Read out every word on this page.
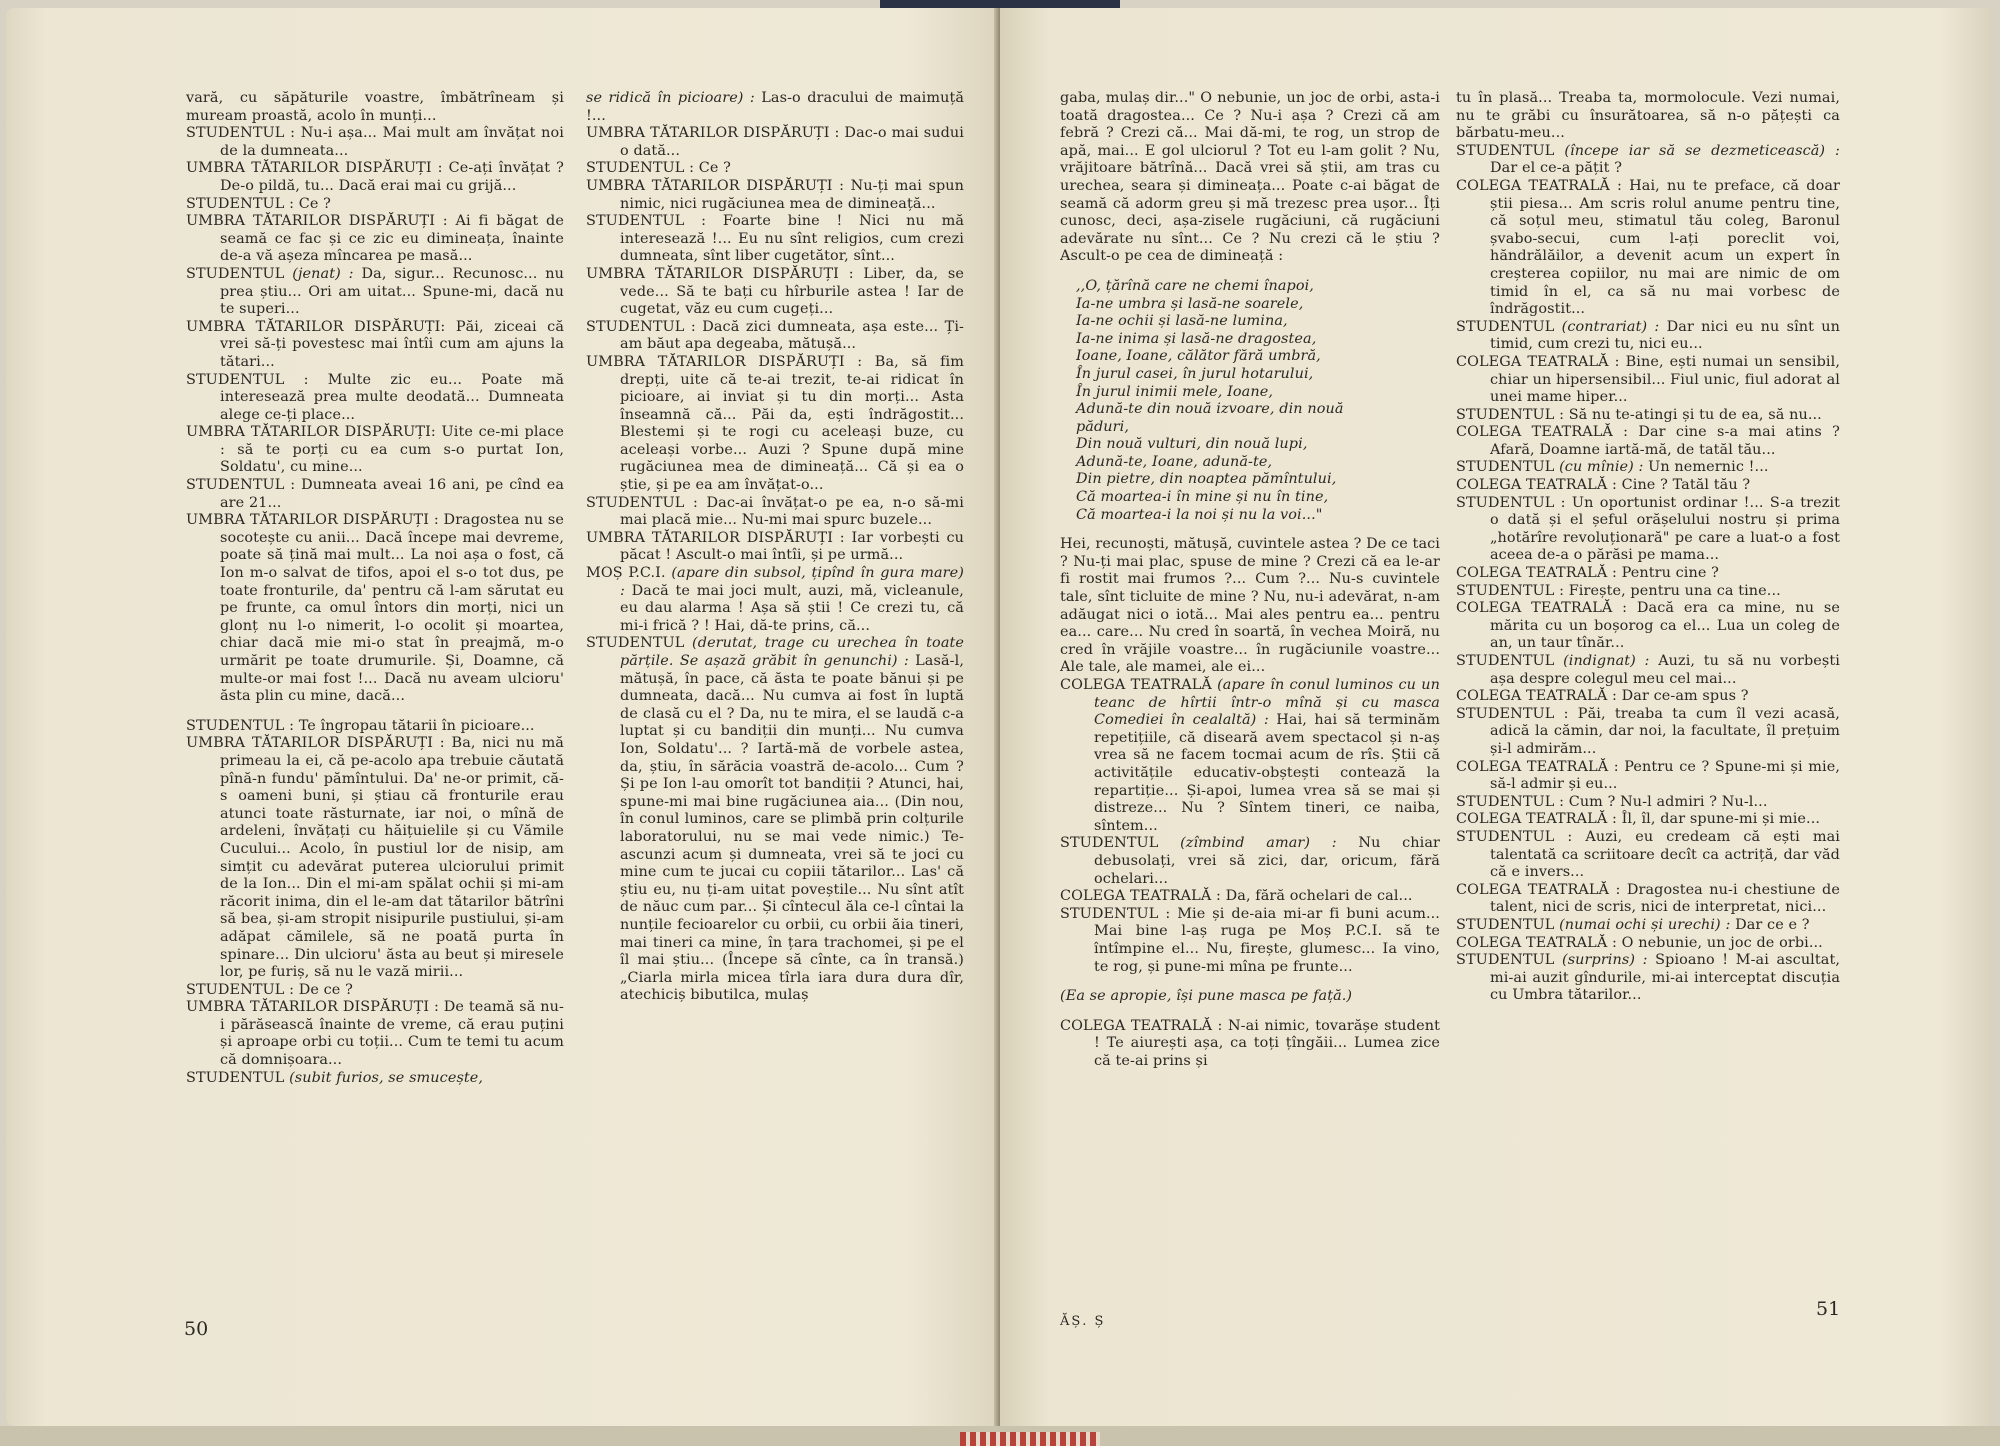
vară, cu săpăturile voastre, îmbătrîneam și muream proastă, acolo în munți...

STUDENTUL : Nu-i așa... Mai mult am învățat noi de la dumneata...

UMBRA TĂTARILOR DISPĂRUȚI : Ce-ați învățat ? De-o pildă, tu... Dacă erai mai cu grijă...

STUDENTUL : Ce ?

UMBRA TĂTARILOR DISPĂRUȚI : Ai fi băgat de seamă ce fac și ce zic eu dimineața, înainte de-a vă așeza mîncarea pe masă...

STUDENTUL (jenat) : Da, sigur... Recunosc... nu prea știu... Ori am uitat... Spune-mi, dacă nu te superi...

UMBRA TĂTARILOR DISPĂRUȚI: Păi, ziceai că vrei să-ți povestesc mai întîi cum am ajuns la tătari...

STUDENTUL : Multe zic eu... Poate mă interesează prea multe deodată... Dumneata alege ce-ți place...

UMBRA TĂTARILOR DISPĂRUȚI: Uite ce-mi place : să te porți cu ea cum s-o purtat Ion, Soldatu', cu mine...

STUDENTUL : Dumneata aveai 16 ani, pe cînd ea are 21...

UMBRA TĂTARILOR DISPĂRUȚI : Dragostea nu se socotește cu anii... Dacă începe mai devreme, poate să țină mai mult... La noi așa o fost, că Ion m-o salvat de tifos, apoi el s-o tot dus, pe toate fronturile, da' pentru că l-am sărutat eu pe frunte, ca omul întors din morți, nici un glonț nu l-o nimerit, l-o ocolit și moartea, chiar dacă mie mi-o stat în preajmă, m-o urmărit pe toate drumurile. Și, Doamne, că multe-or mai fost !... Dacă nu aveam ulcioru' ăsta plin cu mine, dacă...

STUDENTUL : Te îngropau tătarii în picioare...

UMBRA TĂTARILOR DISPĂRUȚI : Ba, nici nu mă primeau la ei, că pe-acolo apa trebuie căutată pînă-n fundu' pămîntului. Da' ne-or primit, că-s oameni buni, și știau că fronturile erau atunci toate răsturnate, iar noi, o mînă de ardeleni, învățați cu hăițuielile și cu Vămile Cucului... Acolo, în pustiul lor de nisip, am simțit cu adevărat puterea ulciorului primit de la Ion... Din el mi-am spălat ochii și mi-am răcorit inima, din el le-am dat tătarilor bătrîni să bea, și-am stropit nisipurile pustiului, și-am adăpat cămilele, să ne poată purta în spinare... Din ulcioru' ăsta au beut și miresele lor, pe furiș, să nu le vază mirii...

STUDENTUL : De ce ?

UMBRA TĂTARILOR DISPĂRUȚI : De teamă să nu-i părăsească înainte de vreme, că erau puțini și aproape orbi cu toții... Cum te temi tu acum că domnișoara...

STUDENTUL (subit furios, se smucește,

se ridică în picioare) : Las-o dracului de maimuță !...

UMBRA TĂTARILOR DISPĂRUȚI : Dac-o mai sudui o dată...

STUDENTUL : Ce ?

UMBRA TĂTARILOR DISPĂRUȚI : Nu-ți mai spun nimic, nici rugăciunea mea de dimineață...

STUDENTUL : Foarte bine ! Nici nu mă interesează !... Eu nu sînt religios, cum crezi dumneata, sînt liber cugetător, sînt...

UMBRA TĂTARILOR DISPĂRUȚI : Liber, da, se vede... Să te bați cu hîrburile astea ! Iar de cugetat, văz eu cum cugeți...

STUDENTUL : Dacă zici dumneata, așa este... Ți-am băut apa degeaba, mătușă...

UMBRA TĂTARILOR DISPĂRUȚI : Ba, să fim drepți, uite că te-ai trezit, te-ai ridicat în picioare, ai inviat și tu din morți... Asta înseamnă că... Păi da, ești îndrăgostit... Blestemi și te rogi cu aceleași buze, cu aceleași vorbe... Auzi ? Spune după mine rugăciunea mea de dimineață... Că și ea o știe, și pe ea am învățat-o...

STUDENTUL : Dac-ai învățat-o pe ea, n-o să-mi mai placă mie... Nu-mi mai spurc buzele...

UMBRA TĂTARILOR DISPĂRUȚI : Iar vorbești cu păcat ! Ascult-o mai întîi, și pe urmă...

MOȘ P.C.I. (apare din subsol, țipînd în gura mare) : Dacă te mai joci mult, auzi, mă, vicleanule, eu dau alarma ! Așa să știi ! Ce crezi tu, că mi-i frică ? ! Hai, dă-te prins, că...

STUDENTUL (derutat, trage cu urechea în toate părțile. Se așază grăbit în genunchi) : Lasă-l, mătușă, în pace, că ăsta te poate bănui și pe dumneata, dacă... Nu cumva ai fost în luptă de clasă cu el ? Da, nu te mira, el se laudă c-a luptat și cu bandiții din munți... Nu cumva Ion, Soldatu'... ? Iartă-mă de vorbele astea, da, știu, în sărăcia voastră de-acolo... Cum ? Și pe Ion l-au omorît tot bandiții ? Atunci, hai, spune-mi mai bine rugăciunea aia... (Din nou, în conul luminos, care se plimbă prin colțurile laboratorului, nu se mai vede nimic.) Te-ascunzi acum și dumneata, vrei să te joci cu mine cum te jucai cu copiii tătarilor... Las' că știu eu, nu ți-am uitat poveștile... Nu sînt atît de năuc cum par... Și cîntecul ăla ce-l cîntai la nunțile fecioarelor cu orbii, cu orbii ăia tineri, mai tineri ca mine, în țara trachomei, și pe el îl mai știu... (Începe să cînte, ca în transă.) „Ciarla mirla micea tîrla iara dura dura dîr, atechiciș bibutilca, mulaș

50

gaba, mulaș dir..." O nebunie, un joc de orbi, asta-i toată dragostea... Ce ? Nu-i așa ? Crezi că am febră ? Crezi că... Mai dă-mi, te rog, un strop de apă, mai... E gol ulciorul ? Tot eu l-am golit ? Nu, vrăjitoare bătrînă... Dacă vrei să știi, am tras cu urechea, seara și dimineața... Poate c-ai băgat de seamă că adorm greu și mă trezesc prea ușor... Îți cunosc, deci, așa-zisele rugăciuni, că rugăciuni adevărate nu sînt... Ce ? Nu crezi că le știu ? Ascult-o pe cea de dimineață :

,,O, țărînă care ne chemi înapoi,
Ia-ne umbra și lasă-ne soarele,
Ia-ne ochii și lasă-ne lumina,
Ia-ne inima și lasă-ne dragostea,
Ioane, Ioane, călător fără umbră,
În jurul casei, în jurul hotarului,
În jurul inimii mele, Ioane,
Adună-te din nouă izvoare, din nouă
păduri,
Din nouă vulturi, din nouă lupi,
Adună-te, Ioane, adună-te,
Din pietre, din noaptea pămîntului,
Că moartea-i în mine și nu în tine,
Că moartea-i la noi și nu la voi..."

Hei, recunoști, mătușă, cuvintele astea ? De ce taci ? Nu-ți mai plac, spuse de mine ? Crezi că ea le-ar fi rostit mai frumos ?... Cum ?... Nu-s cuvintele tale, sînt ticluite de mine ? Nu, nu-i adevărat, n-am adăugat nici o iotă... Mai ales pentru ea... pentru ea... care... Nu cred în soartă, în vechea Moiră, nu cred în vrăjile voastre... în rugăciunile voastre... Ale tale, ale mamei, ale ei...

COLEGA TEATRALĂ (apare în conul luminos cu un teanc de hîrtii într-o mînă și cu masca Comediei în cealaltă) : Hai, hai să terminăm repetițiile, că diseară avem spectacol și n-aș vrea să ne facem tocmai acum de rîs. Știi că activitățile educativ-obștești contează la repartiție... Și-apoi, lumea vrea să se mai și distreze... Nu ? Sîntem tineri, ce naiba, sîntem...

STUDENTUL (zîmbind amar) : Nu chiar debusolați, vrei să zici, dar, oricum, fără ochelari...

COLEGA TEATRALĂ : Da, fără ochelari de cal...

STUDENTUL : Mie și de-aia mi-ar fi buni acum... Mai bine l-aș ruga pe Moș P.C.I. să te întîmpine el... Nu, firește, glumesc... Ia vino, te rog, și pune-mi mîna pe frunte...

(Ea se apropie, își pune masca pe față.)

COLEGA TEATRALĂ : N-ai nimic, tovarășe student ! Te aiurești așa, ca toți țîngăii... Lumea zice că te-ai prins și

tu în plasă... Treaba ta, mormolocule. Vezi numai, nu te grăbi cu însurătoarea, să n-o pățești ca bărbatu-meu...

STUDENTUL (începe iar să se dezmeticească) : Dar el ce-a pățit ?

COLEGA TEATRALĂ : Hai, nu te preface, că doar știi piesa... Am scris rolul anume pentru tine, că soțul meu, stimatul tău coleg, Baronul șvabo-secui, cum l-ați poreclit voi, hăndrălăilor, a devenit acum un expert în creșterea copiilor, nu mai are nimic de om timid în el, ca să nu mai vorbesc de îndrăgostit...

STUDENTUL (contrariat) : Dar nici eu nu sînt un timid, cum crezi tu, nici eu...

COLEGA TEATRALĂ : Bine, ești numai un sensibil, chiar un hipersensibil... Fiul unic, fiul adorat al unei mame hiper...

STUDENTUL : Să nu te-atingi și tu de ea, să nu...

COLEGA TEATRALĂ : Dar cine s-a mai atins ? Afară, Doamne iartă-mă, de tatăl tău...

STUDENTUL (cu mînie) : Un nemernic !...

COLEGA TEATRALĂ : Cine ? Tatăl tău ?

STUDENTUL : Un oportunist ordinar !... S-a trezit o dată și el șeful orășelului nostru și prima „hotărîre revoluționară" pe care a luat-o a fost aceea de-a o părăsi pe mama...

COLEGA TEATRALĂ : Pentru cine ?

STUDENTUL : Firește, pentru una ca tine...

COLEGA TEATRALĂ : Dacă era ca mine, nu se mărita cu un boșorog ca el... Lua un coleg de an, un taur tînăr...

STUDENTUL (indignat) : Auzi, tu să nu vorbești așa despre colegul meu cel mai...

COLEGA TEATRALĂ : Dar ce-am spus ?

STUDENTUL : Păi, treaba ta cum îl vezi acasă, adică la cămin, dar noi, la facultate, îl prețuim și-l admirăm...

COLEGA TEATRALĂ : Pentru ce ? Spune-mi și mie, să-l admir și eu...

STUDENTUL : Cum ? Nu-l admiri ? Nu-l...

COLEGA TEATRALĂ : Îl, îl, dar spune-mi și mie...

STUDENTUL : Auzi, eu credeam că ești mai talentată ca scriitoare decît ca actriță, dar văd că e invers...

COLEGA TEATRALĂ : Dragostea nu-i chestiune de talent, nici de scris, nici de interpretat, nici...

STUDENTUL (numai ochi și urechi) : Dar ce e ?

COLEGA TEATRALĂ : O nebunie, un joc de orbi...

STUDENTUL (surprins) : Spioano ! M-ai ascultat, mi-ai auzit gîndurile, mi-ai interceptat discuția cu Umbra tătarilor...

ĂȘ. Ș
51
